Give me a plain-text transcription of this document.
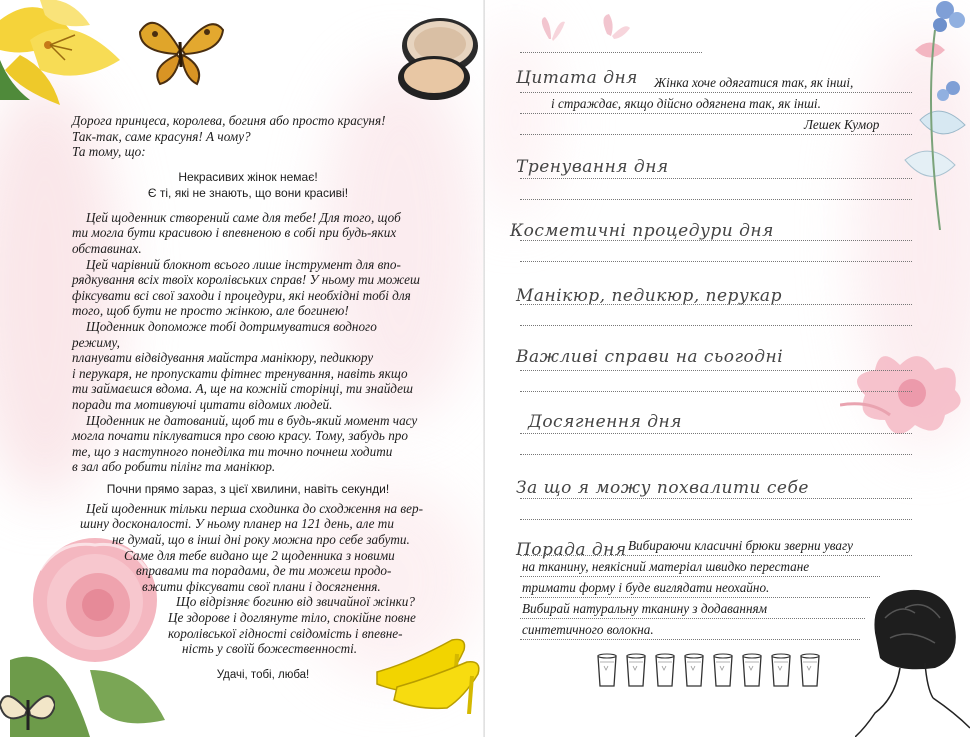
Дорога принцеса, королева, богиня або просто красуня!

Так-так, саме красуня! А чому?

Та тому, що:

Некрасивих жінок немає!

Є ті, які не знають, що вони красиві!

Цей щоденник створений саме для тебе! Для того, щоб

ти могла бути красивою і впевненою в собі при будь-яких

обставинах.

Цей чарівний блокнот всього лише інструмент для впо-

рядкування всіх твоїх королівських справ! У ньому ти можеш

фіксувати всі свої заходи і процедури, які необхідні тобі для

того, щоб бути не просто жінкою, але богинею!

Щоденник допоможе тобі дотримуватися водного режиму,

планувати відвідування майстра манікюру, педикюру

і перукаря, не пропускати фітнес тренування, навіть якщо

ти займаєшся вдома. А, ще на кожній сторінці, ти знайдеш

поради та мотивуючі цитати відомих людей.

Щоденник не датований, щоб ти в будь-який момент часу

могла почати піклуватися про свою красу. Тому, забудь про

те, що з наступного понеділка ти точно почнеш ходити

в зал або робити пілінг та манікюр.

Почни прямо зараз, з цієї хвилини, навіть секунди!

Цей щоденник тільки перша сходинка до сходження на вер-

шину досконалості. У ньому планер на 121 день, але ти

не думай, що в інші дні року можна про себе забути.

Саме для тебе видано ще 2 щоденника з новими

вправами та порадами, де ти можеш продо-

вжити фіксувати свої плани і досягнення.

Що відрізняє богиню від звичайної жінки?

Це здорове і доглянуте тіло, спокійне повне

королівської гідності свідомість і впевне-

ність у своїй божественності.

Удачі, тобі, люба!

Цитата дня Жінка хоче одягатися так, як інші,
і страждає, якщо дійсно одягнена так, як інші.
Лешек Кумор
Тренування дня
Косметичні процедури дня
Манікюр, педикюр, перукар
Важливі справи на сьогодні
Досягнення дня
За що я можу похвалити себе
Порада дня Вибираючи класичні брюки зверни увагу
на тканину, неякісний матеріал швидко перестане
тримати форму і буде виглядати неохайно.
Вибирай натуральну тканину з додаванням
синтетичного волокна.
